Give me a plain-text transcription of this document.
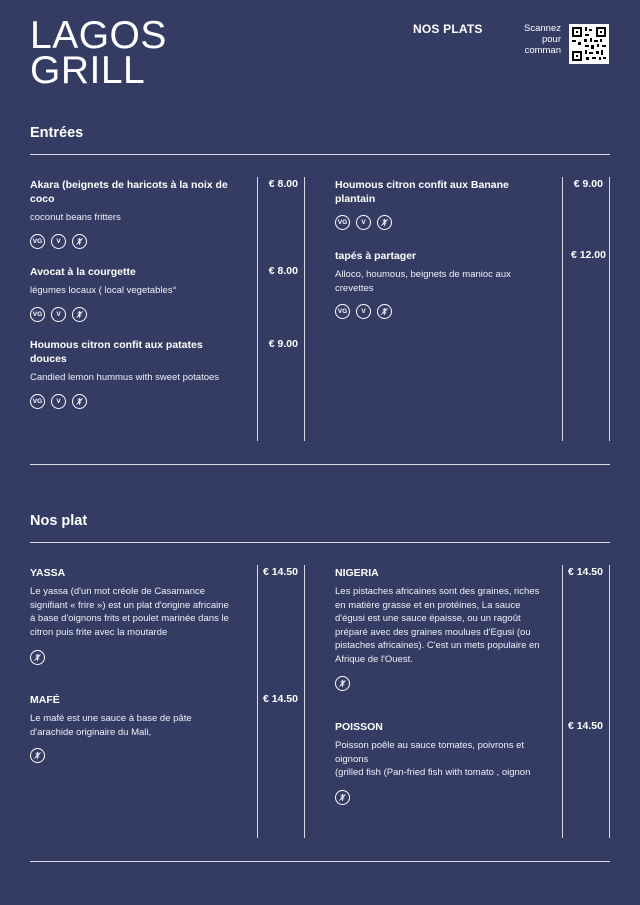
LAGOS
GRILL
NOS PLATS	Scannez
pour
comman
Entrées
Akara (beignets de haricots à la noix de coco
coconut beans fritters
VG	V
€ 8.00
Avocat à la courgette
légumes locaux ( local vegetables°
VG	V
€ 8.00
Houmous citron confit aux patates douces
Candied lemon hummus with sweet potatoes
VG	V
€ 9.00
Houmous citron confit aux Banane plantain
VG	V
€ 9.00
tapés à partager
Alloco, houmous, beignets de manioc aux crevettes
VG	V
€ 12.00
Nos plat
YASSA
Le yassa (d'un mot créole de Casamance signifiant « frire ») est un plat d'origine africaine à base d'oignons frits et poulet marinée dans le citron puis frite avec la moutarde
€ 14.50
MAFÉ
Le mafé est une sauce à base de pâte d'arachide originaire du Mali,
€ 14.50
NIGERIA
Les pistaches africaines sont des graines, riches en matière grasse et en protéines, La sauce d'égusi est une sauce épaisse, ou un ragoût préparé avec des graines moulues d'Egusi (ou pistaches africaines). C'est un mets populaire en Afrique de l'Ouest.
€ 14.50
POISSON
Poisson poêle au sauce tomates, poivrons et oignons
(grilled fish (Pan-fried fish with tomato , oignon
€ 14.50
